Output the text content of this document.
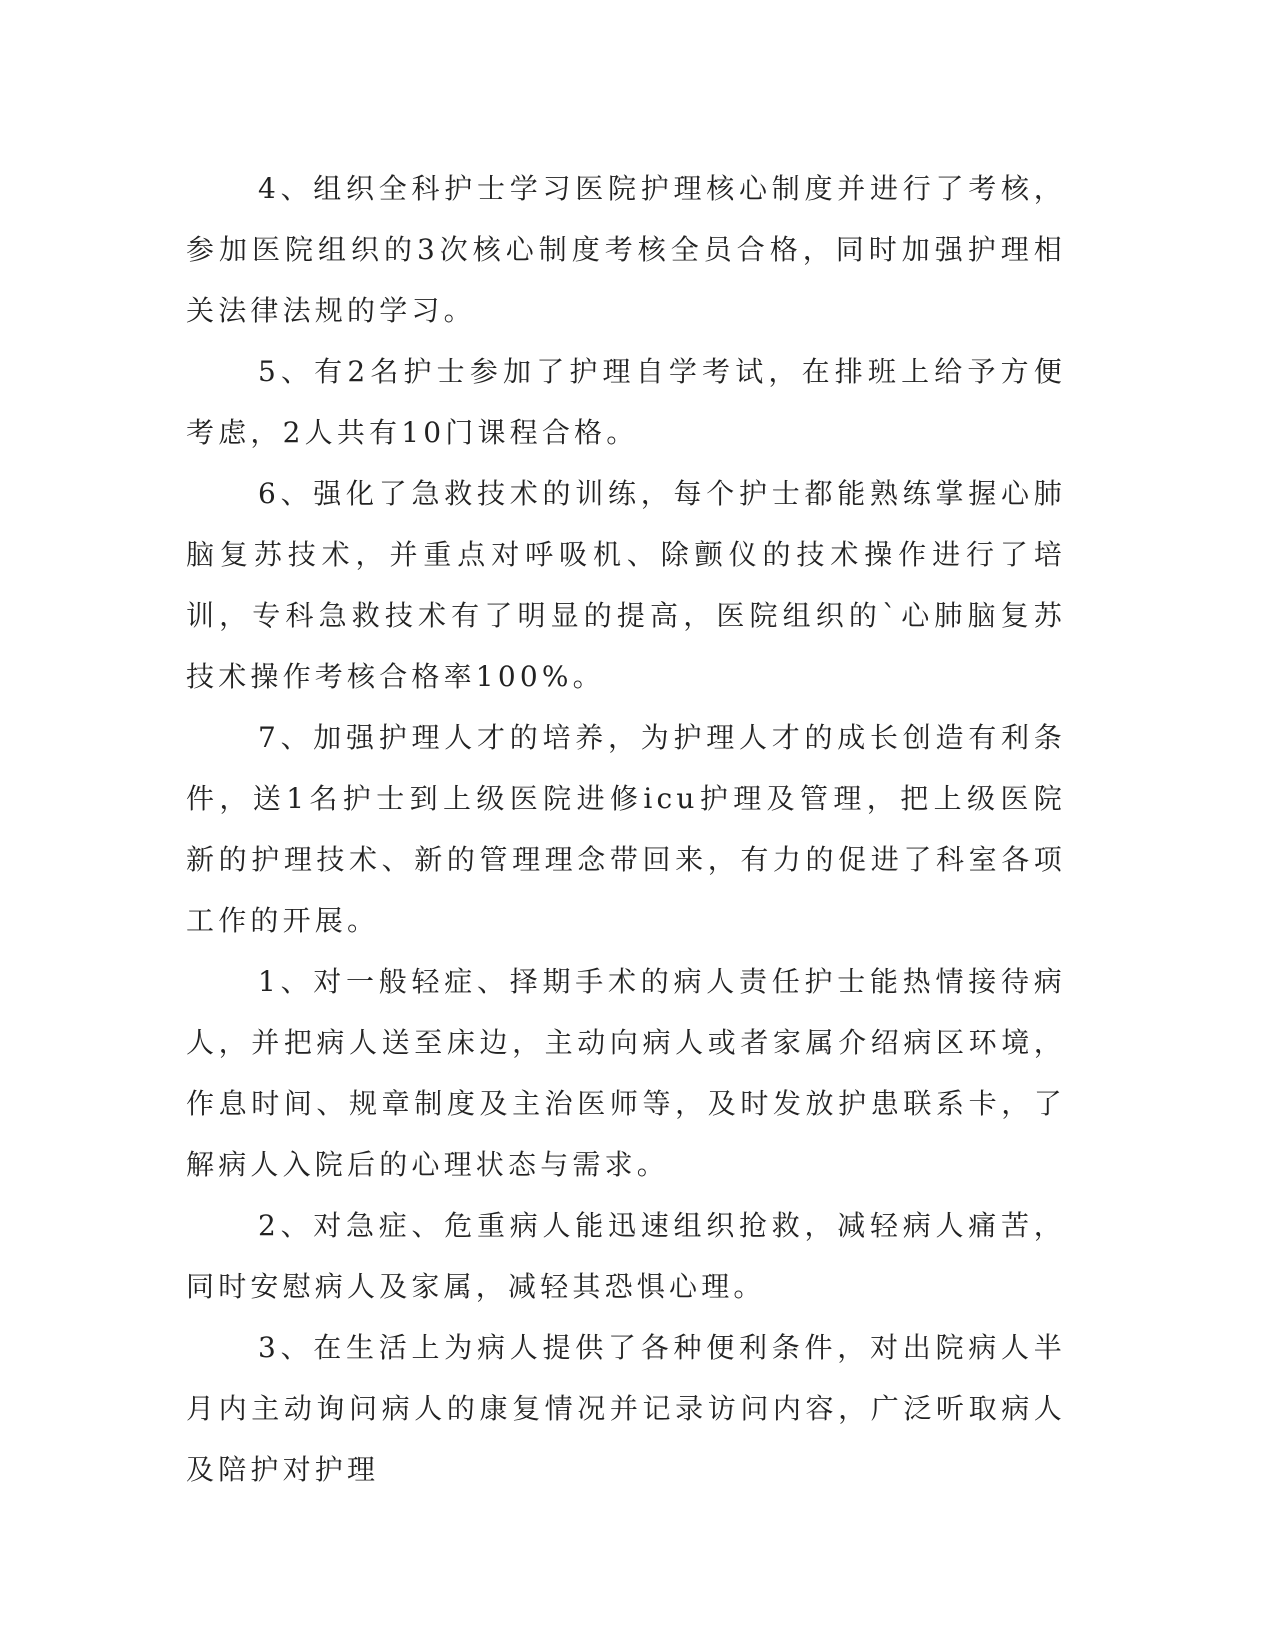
4、组织全科护士学习医院护理核心制度并进行了考核，参加医院组织的3次核心制度考核全员合格，同时加强护理相关法律法规的学习。

5、有2名护士参加了护理自学考试，在排班上给予方便考虑，2人共有10门课程合格。

6、强化了急救技术的训练，每个护士都能熟练掌握心肺脑复苏技术，并重点对呼吸机、除颤仪的技术操作进行了培训，专科急救技术有了明显的提高，医院组织的`心肺脑复苏技术操作考核合格率100%。

7、加强护理人才的培养，为护理人才的成长创造有利条件，送1名护士到上级医院进修icu护理及管理，把上级医院新的护理技术、新的管理理念带回来，有力的促进了科室各项工作的开展。

1、对一般轻症、择期手术的病人责任护士能热情接待病人，并把病人送至床边，主动向病人或者家属介绍病区环境，作息时间、规章制度及主治医师等，及时发放护患联系卡，了解病人入院后的心理状态与需求。

2、对急症、危重病人能迅速组织抢救，减轻病人痛苦，同时安慰病人及家属，减轻其恐惧心理。

3、在生活上为病人提供了各种便利条件，对出院病人半月内主动询问病人的康复情况并记录访问内容，广泛听取病人及陪护对护理
